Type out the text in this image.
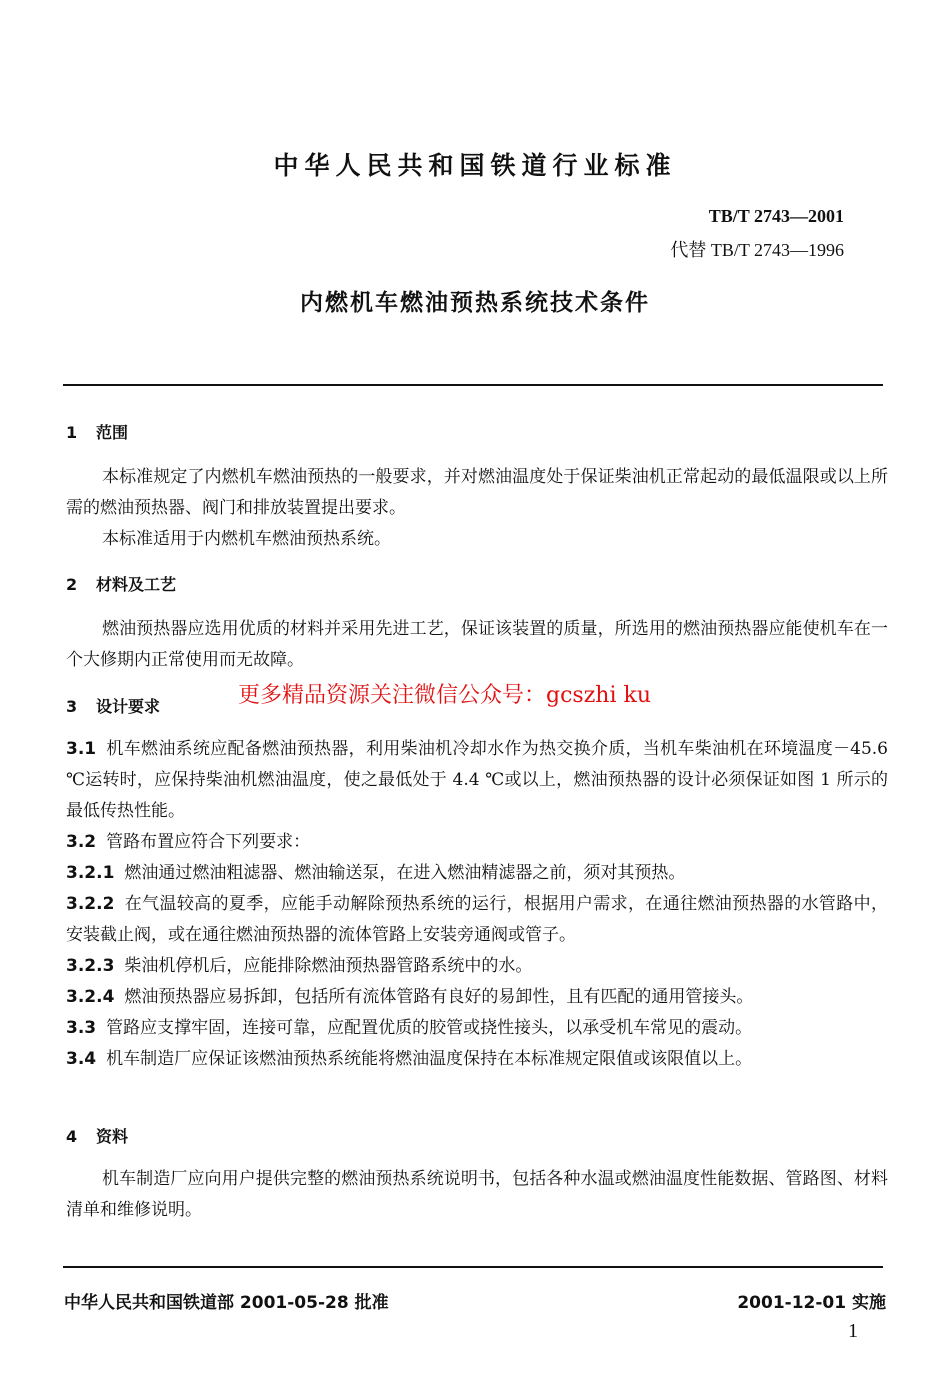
中华人民共和国铁道行业标准
TB/T 2743—2001
代替 TB/T 2743—1996
内燃机车燃油预热系统技术条件
1 范围
本标准规定了内燃机车燃油预热的一般要求，并对燃油温度处于保证柴油机正常起动的最低温限或以上所需的燃油预热器、阀门和排放装置提出要求。
本标准适用于内燃机车燃油预热系统。
2 材料及工艺
燃油预热器应选用优质的材料并采用先进工艺，保证该装置的质量，所选用的燃油预热器应能使机车在一个大修期内正常使用而无故障。
更多精品资源关注微信公众号：gcszhi ku
3 设计要求
3.1 机车燃油系统应配备燃油预热器，利用柴油机冷却水作为热交换介质，当机车柴油机在环境温度－45.6 ℃运转时，应保持柴油机燃油温度，使之最低处于 4.4 ℃或以上，燃油预热器的设计必须保证如图 1 所示的最低传热性能。
3.2 管路布置应符合下列要求：
3.2.1 燃油通过燃油粗滤器、燃油输送泵，在进入燃油精滤器之前，须对其预热。
3.2.2 在气温较高的夏季，应能手动解除预热系统的运行，根据用户需求，在通往燃油预热器的水管路中，安装截止阀，或在通往燃油预热器的流体管路上安装旁通阀或管子。
3.2.3 柴油机停机后，应能排除燃油预热器管路系统中的水。
3.2.4 燃油预热器应易拆卸，包括所有流体管路有良好的易卸性，且有匹配的通用管接头。
3.3 管路应支撑牢固，连接可靠，应配置优质的胶管或挠性接头，以承受机车常见的震动。
3.4 机车制造厂应保证该燃油预热系统能将燃油温度保持在本标准规定限值或该限值以上。
4 资料
机车制造厂应向用户提供完整的燃油预热系统说明书，包括各种水温或燃油温度性能数据、管路图、材料清单和维修说明。
中华人民共和国铁道部 2001-05-28 批准	2001-12-01 实施
1
